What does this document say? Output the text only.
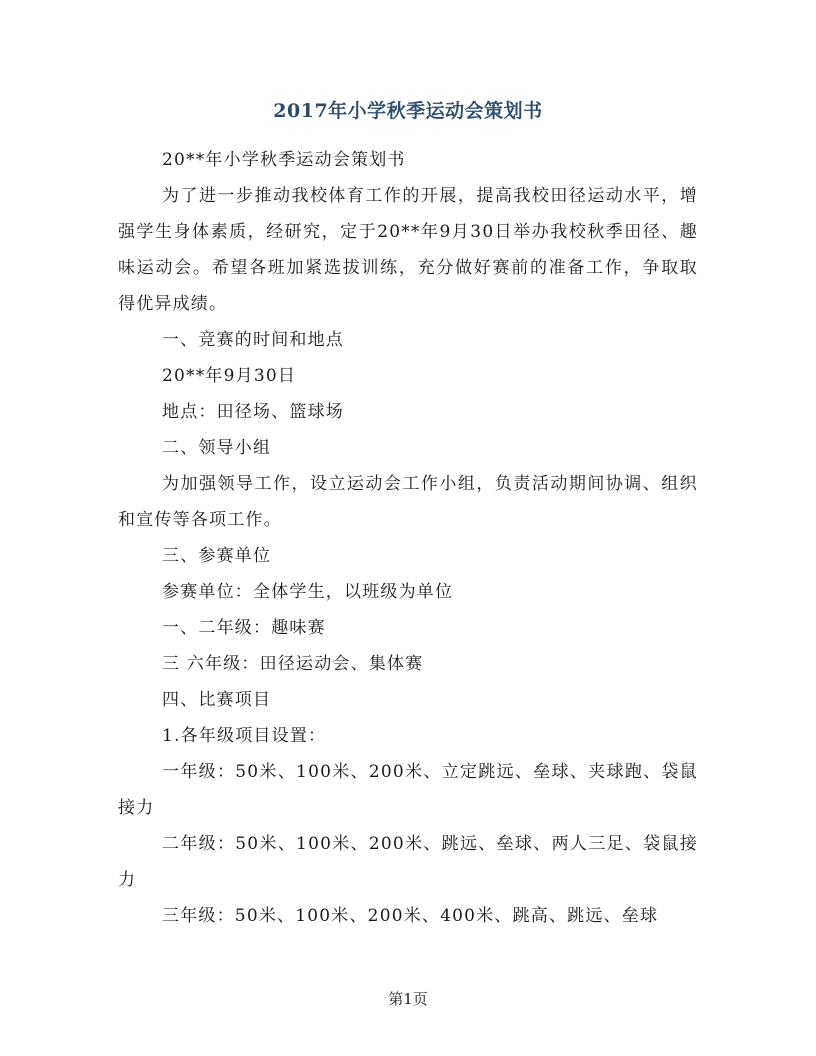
2017年小学秋季运动会策划书

20**年小学秋季运动会策划书

为了进一步推动我校体育工作的开展，提高我校田径运动水平，增强学生身体素质，经研究，定于20**年9月30日举办我校秋季田径、趣味运动会。希望各班加紧选拔训练，充分做好赛前的准备工作，争取取得优异成绩。

一、竞赛的时间和地点

20**年9月30日

地点：田径场、篮球场

二、领导小组

为加强领导工作，设立运动会工作小组，负责活动期间协调、组织和宣传等各项工作。

三、参赛单位

参赛单位：全体学生，以班级为单位

一、二年级：趣味赛

三 六年级：田径运动会、集体赛

四、比赛项目

1.各年级项目设置：

一年级：50米、100米、200米、立定跳远、垒球、夹球跑、袋鼠接力

二年级：50米、100米、200米、跳远、垒球、两人三足、袋鼠接力

三年级：50米、100米、200米、400米、跳高、跳远、垒球

第1页
